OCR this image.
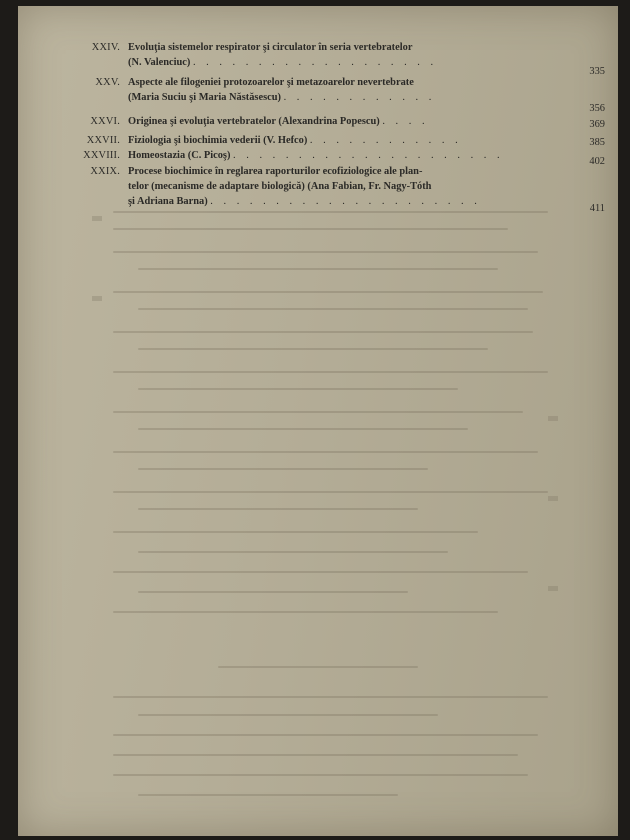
XXIV. Evoluţia sistemelor respirator şi circulator în seria vertebratelor
(N. Valenciuc) . . . . . . . . . . . . . . . . . . .
335
XXV. Aspecte ale filogeniei protozoarelor şi metazoarelor nevertebrate
(Maria Suciu şi Maria Năstăsescu) . . . . . . . . . . . .
356
XXVI. Originea şi evoluţia vertebratelor (Alexandrina Popescu) . . . .	369
XXVII. Fiziologia şi biochimia vederii (V. Hefco) . . . . . . . . . . . .	385
XXVIII. Homeostazia (C. Picoş) . . . . . . . . . . . . . . . . . . . . .
402
XXIX. Procese biochimice în reglarea raporturilor ecofiziologice ale plan-
telor (mecanisme de adaptare biologică) (Ana Fabian, Fr. Nagy-Tóth
şi Adriana Barna) . . . . . . . . . . . . . . . . . . . . .
411
